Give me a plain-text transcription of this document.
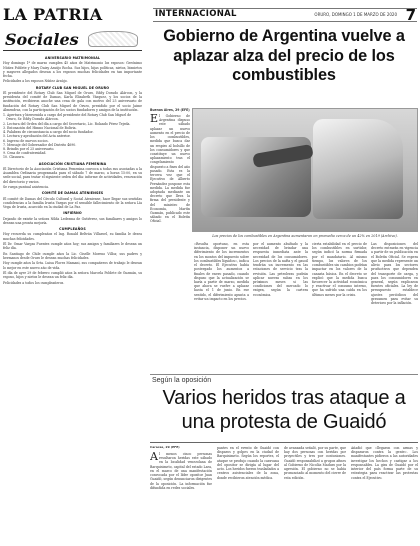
LA PATRIA	INTERNACIONAL	ORURO, DOMINGO 1 DE MARZO DE 2020 7
Sociales
ANIVERSARIO MATRIMONIAL
Hoy domingo 1º de marzo cumplen 45 años de Matrimonio los esposos: Gerónimo Núñez Poblete y Mary Daisy Araújo Rocha. Sus hijos, hijas políticas, nietos, bisnietos y mayores allegados desean a los esposos muchas felicidades en tan importante fecha.
Felicidades a los esposos Núñez Araújo.
ROTARY CLUB SAN MIGUEL DE ORURO
El presidente del Rotary Club San Miguel de Oruro, Eddy Dorado Alárcon, y la presidenta del comité de Damas, Karla Elizabeth Vásquez, y los socios de la institución, recibieron anoche una cena de gala con motivo del 25 aniversario de fundación del Rotary Club San Miguel de Oruro, presidido por el socio Jaime Almendras, con la participación de los socios fundadores y amigos de la institución.
1. Apertura y bienvenida a cargo del presidente del Rotary Club San Miguel de Oruro, Sr. Eddy Dorado Alárcon.
2. Lectura del Orden del día a cargo del Secretario, Lic. Rolando Pérez Tejeda.
3. Entonación del Himno Nacional de Bolivia.
4. Palabras de circunstancia a cargo del socio fundador.
5. Lectura y aprobación del Acta anterior.
6. Ingreso de nuevos socios.
7. Mensaje del Gobernador del Distrito 4690.
8. Brindis por el 25 aniversario.
9. Cena de confraternidad.
10. Clausura.
ASOCIACIÓN CRISTIANA FEMENINA
El Directorio de la Asociación Cristiana Femenina convoca a todas sus asociadas a la Asamblea Ordinaria programada para el sábado 7 de marzo, a horas 15:00, en su sede social, para tratar el siguiente orden del día: informe de actividades, renovación del directorio y varios.
Se ruega puntual asistencia.
COMITÉ DE DAMAS ATENIENSES
El comité de Damas del Círculo Cultural y Social Ateniense, hace llegar sus sentidas condolencias a la familia Irusta Vargas por el sensible fallecimiento de la señora Lía Vega de Irusta, acaecido en la ciudad de La Paz.
INFIERNO
Dejando de existir la señora Nilda Ledezma de Gutiérrez, sus familiares y amigos lo desean una pronta mejoría.
CUMPLEAÑOS
Hoy recuerda su cumpleaños el Ing. Ronald Beltrán Villaroel, su familia le desea muchas felicidades.
El Dr. Omar Vargas Fuentes cumple años hoy; sus amigos y familiares le desean un feliz día.
En Santiago de Chile cumple años la Lic. Giselle Moreno Villca; sus padres y hermanos desde Oruro le desean muchas felicidades.
Hoy cumple años la Srta. Luisa Flores Mamani, sus compañeros de trabajo le desean lo mejor en este nuevo año de vida.
El día de ayer 29 de febrero cumplió años la señora Marcela Poblete de Guzmán, su esposo, hijos y nietos le desean un feliz día.
Felicidades a todos los cumpleañeros.
Gobierno de Argentina vuelve a aplazar alza del precio de los combustibles
Buenos Aires, 29 (EFE)
El Gobierno de Argentina dispuso este sábado aplazar un nuevo aumento en el precio de los combustibles, medida que busca dar un respiro al bolsillo de los consumidores y que constituye un nuevo aplazamiento tras el congelamiento dispuesto a fines del año pasado. Esta es la tercera vez que el Ejecutivo de Alberto Fernández pospone esta medida. La medida fue adoptada mediante un decreto que lleva la firma del presidente y del ministro de Economía, Martín Guzmán, publicado este sábado en el Boletín Oficial.
Los precios de los combustibles en Argentina aumentaron en promedio cerca de un 42% en 2019 (Archivo).
«Resulta oportuno, en esta instancia, disponer un nuevo diferimiento de los incrementos en los montos del impuesto sobre los combustibles líquidos», indica el decreto. El Ejecutivo había postergado los aumentos a finales de enero pasado, cuando dispuso que la actualización se haría a partir de marzo, medida que ahora se vuelve a aplazar hasta el 1 de junio. En ese sentido, el diferimiento apunta a evitar un impacto en los precios.
por el aumento abultado y la necesidad de brindar una respuesta inmediata ante la necesidad de los consumidores. Los precios de la nafta y el gasoil tendrán un incremento en las estaciones de servicio tras la revisión. Las petroleras podrán aplicar nuevas subas en los próximos meses si las condiciones del mercado lo exigen, según la cartera económica.
cierta estabilidad en el precio de los combustibles en surtidor, según indicó la norma firmada por el mandatario. Al mismo tiempo, los valores de los combustibles sin cambios podrían impactar en los valores de la canasta básica. En el decreto se explicó que la medida busca favorecer la actividad económica y reactivar el consumo interno, que ha sufrido una caída en los últimos meses por la crisis.
Las disposiciones del decreto entrarán en vigencia a partir de su publicación en el Boletín Oficial. Se espera que la medida represente un alivio para los sectores productivos que dependen del transporte de carga, y para los consumidores en general, según explicaron fuentes oficiales. La ley de presupuesto establece ajustes periódicos del gravamen para evitar su deterioro por la inflación.
Según la oposición
Varios heridos tras ataque a una protesta de Guaidó
Caracas, 29 (EFE)
Al menos cinco personas resultaron heridas este sábado en la localidad venezolana de Barquisimeto, capital del estado Lara, en el marco de una manifestación convocada por el líder opositor Juan Guaidó, según denunciaron dirigentes de la oposición. La información fue difundida en redes sociales.
pantes en el evento de Guaidó con disparos y golpes en la ciudad de Barquisimeto. Según los reportes, el ataque se produjo cuando la caravana del opositor se dirigía al lugar del acto. Los heridos fueron trasladados a centros asistenciales de la zona, donde recibieron atención médica.
de avanzada señaló, por su parte, que hay dos personas con heridas por proyectiles y tres por contusiones. Guaidó responsabilizó a grupos afines al Gobierno de Nicolás Maduro por la agresión. El gobierno no se había pronunciado al momento del cierre de esta edición.
Añadió que «llegaron con armas y dispararon contra la gente». Los manifestantes pidieron a las autoridades investigar los hechos y castigar a los responsables. La gira de Guaidó por el interior del país forma parte de su estrategia para reactivar las protestas contra el Ejecutivo.
